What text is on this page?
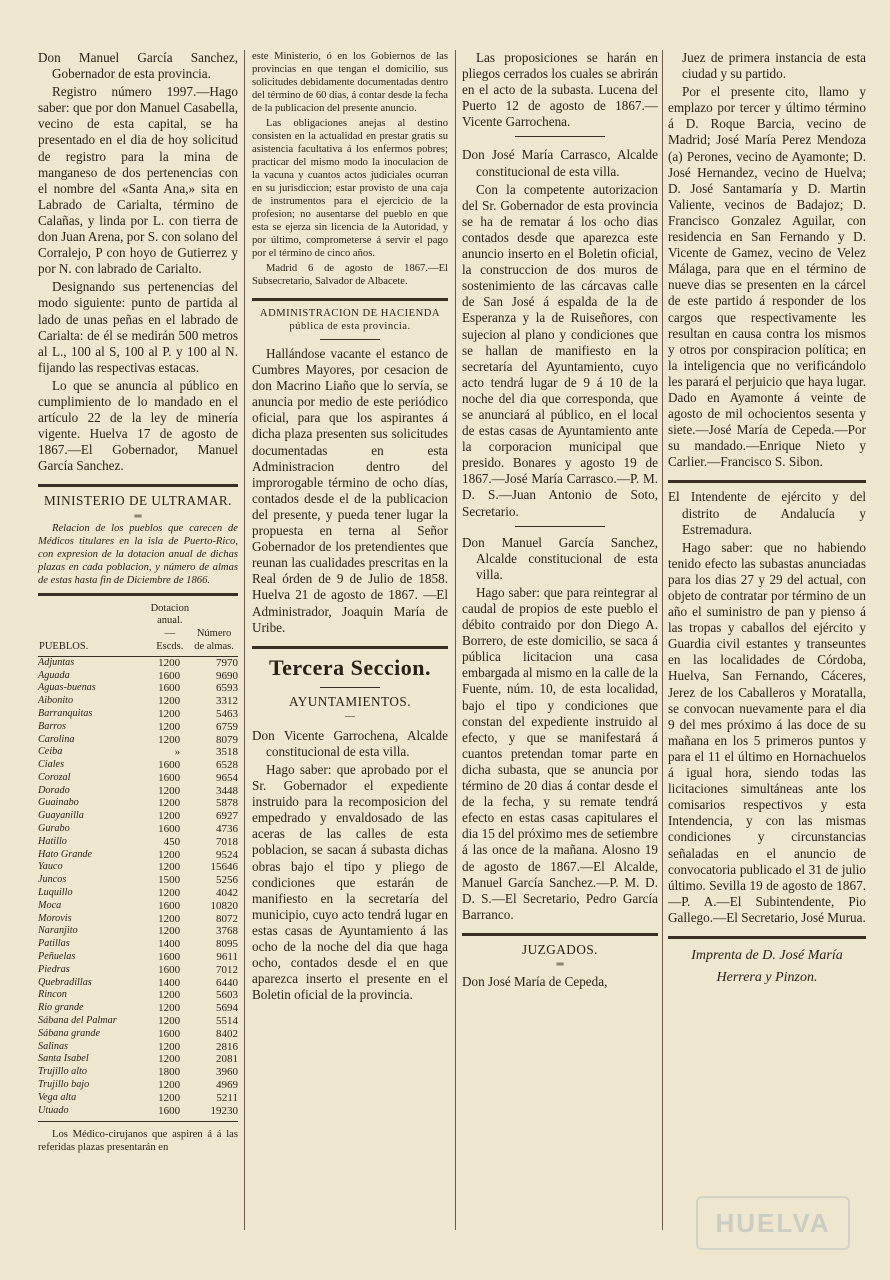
Don Manuel García Sanchez, Gobernador de esta provincia.

Registro número 1997.—Hago saber: que por don Manuel Casabella, vecino de esta capital, se ha presentado en el dia de hoy solicitud de registro para la mina de manganeso de dos pertenencias con el nombre del «Santa Ana,» sita en Labrado de Carialta, término de Calañas, y linda por L. con tierra de don Juan Arena, por S. con solano del Corralejo, P con hoyo de Gutierrez y por N. con labrado de Carialto.

Designando sus pertenencias del modo siguiente: punto de partida al lado de unas peñas en el labrado de Carialta: de él se medirán 500 metros al L., 100 al S, 100 al P. y 100 al N. fijando las respectivas estacas.

Lo que se anuncia al público en cumplimiento de lo mandado en el artículo 22 de la ley de minería vigente. Huelva 17 de agosto de 1867.—El Gobernador, Manuel García Sanchez.

MINISTERIO DE ULTRAMAR.

═

Relacion de los pueblos que carecen de Médicos titulares en la isla de Puerto-Rico, con expresion de la dotacion anual de dichas plazas en cada poblacion, y número de almas de estas hasta fin de Diciembre de 1866.

PUEBLOS.	Dotacion anual.
—
Escds.	Número de almas.
Adjuntas	1200	7970
Aguada	1600	9690
Aguas-buenas	1600	6593
Aibonito	1200	3312
Barranquitas	1200	5463
Barros	1200	6759
Carolina	1200	8079
Ceiba	»	3518
Ciales	1600	6528
Corozal	1600	9654
Dorado	1200	3448
Guainabo	1200	5878
Guayanilla	1200	6927
Gurabo	1600	4736
Hatillo	450	7018
Hato Grande	1200	9524
Yauco	1200	15646
Juncos	1500	5256
Luquillo	1200	4042
Moca	1600	10820
Morovis	1200	8072
Naranjito	1200	3768
Patillas	1400	8095
Peñuelas	1600	9611
Piedras	1600	7012
Quebradillas	1400	6440
Rincon	1200	5603
Rio grande	1200	5694
Sábana del Palmar	1200	5514
Sábana grande	1600	8402
Salinas	1200	2816
Santa Isabel	1200	2081
Trujillo alto	1800	3960
Trujillo bajo	1200	4969
Vega alta	1200	5211
Utuado	1600	19230

Los Médico-cirujanos que aspiren á á las referidas plazas presentarán en

este Ministerio, ó en los Gobiernos de las provincias en que tengan el domicilio, sus solicitudes debidamente documentadas dentro del término de 60 días, á contar desde la fecha de la publicacion del presente anuncio.

Las obligaciones anejas al destino consisten en la actualidad en prestar gratis su asistencia facultativa á los enfermos pobres; practicar del mismo modo la inoculacion de la vacuna y cuantos actos judiciales ocurran en su jurisdiccion; estar provisto de una caja de instrumentos para el ejercicio de la profesion; no ausentarse del pueblo en que esta se ejerza sin licencia de la Autoridad, y por último, comprometerse á servir el pago por el término de cinco años.

Madrid 6 de agosto de 1867.—El Subsecretario, Salvador de Albacete.

ADMINISTRACION DE HACIENDA pública de esta provincia.

Hallándose vacante el estanco de Cumbres Mayores, por cesacion de don Macrino Liaño que lo servía, se anuncia por medio de este periódico oficial, para que los aspirantes á dicha plaza presenten sus solicitudes documentadas en esta Administracion dentro del improrogable término de ocho días, contados desde el de la publicacion del presente, y pueda tener lugar la propuesta en terna al Señor Gobernador de los pretendientes que reunan las cualidades prescritas en la Real órden de 9 de Julio de 1858. Huelva 21 de agosto de 1867. —El Administrador, Joaquin María de Uribe.

Tercera Seccion.

AYUNTAMIENTOS.

—

Don Vicente Garrochena, Alcalde constitucional de esta villa.

Hago saber: que aprobado por el Sr. Gobernador el expediente instruido para la recomposicion del empedrado y envaldosado de las aceras de las calles de esta poblacion, se sacan á subasta dichas obras bajo el tipo y pliego de condiciones que estarán de manifiesto en la secretaría del municipio, cuyo acto tendrá lugar en estas casas de Ayuntamiento á las ocho de la noche del dia que haga ocho, contados desde el en que aparezca inserto el presente en el Boletin oficial de la provincia.

Las proposiciones se harán en pliegos cerrados los cuales se abrirán en el acto de la subasta. Lucena del Puerto 12 de agosto de 1867.—Vicente Garrochena.

Don José María Carrasco, Alcalde constitucional de esta villa.

Con la competente autorizacion del Sr. Gobernador de esta provincia se ha de rematar á los ocho dias contados desde que aparezca este anuncio inserto en el Boletin oficial, la construccion de dos muros de sostenimiento de las cárcavas calle de San José á espalda de la de Esperanza y la de Ruiseñores, con sujecion al plano y condiciones que se hallan de manifiesto en la secretaría del Ayuntamiento, cuyo acto tendrá lugar de 9 á 10 de la noche del dia que corresponda, que se anunciará al público, en el local de estas casas de Ayuntamiento ante la corporacion municipal que presido. Bonares y agosto 19 de 1867.—José María Carrasco.—P. M. D. S.—Juan Antonio de Soto, Secretario.

Don Manuel García Sanchez, Alcalde constitucional de esta villa.

Hago saber: que para reintegrar al caudal de propios de este pueblo el débito contraido por don Diego A. Borrero, de este domicilio, se saca á pública licitacion una casa embargada al mismo en la calle de la Fuente, núm. 10, de esta localidad, bajo el tipo y condiciones que constan del expediente instruido al efecto, y que se manifestará á cuantos pretendan tomar parte en dicha subasta, que se anuncia por término de 20 dias á contar desde el de la fecha, y su remate tendrá efecto en estas casas capitulares el dia 15 del próximo mes de setiembre á las once de la mañana. Alosno 19 de agosto de 1867.—El Alcalde, Manuel García Sanchez.—P. M. D. D. S.—El Secretario, Pedro García Barranco.

JUZGADOS.

═

Don José María de Cepeda,

Juez de primera instancia de esta ciudad y su partido.

Por el presente cito, llamo y emplazo por tercer y último término á D. Roque Barcia, vecino de Madrid; José María Perez Mendoza (a) Perones, vecino de Ayamonte; D. José Hernandez, vecino de Huelva; D. José Santamaría y D. Martin Valiente, vecinos de Badajoz; D. Francisco Gonzalez Aguilar, con residencia en San Fernando y D. Vicente de Gamez, vecino de Velez Málaga, para que en el término de nueve dias se presenten en la cárcel de este partido á responder de los cargos que respectivamente les resultan en causa contra los mismos y otros por conspiracion política; en la inteligencia que no verificándolo les parará el perjuicio que haya lugar. Dado en Ayamonte á veinte de agosto de mil ochocientos sesenta y siete.—José María de Cepeda.—Por su mandado.—Enrique Nieto y Carlier.—Francisco S. Sibon.

El Intendente de ejército y del distrito de Andalucía y Estremadura.

Hago saber: que no habiendo tenido efecto las subastas anunciadas para los dias 27 y 29 del actual, con objeto de contratar por término de un año el suministro de pan y pienso á las tropas y caballos del ejército y Guardia civil estantes y transeuntes en las localidades de Córdoba, Huelva, San Fernando, Cáceres, Jerez de los Caballeros y Moratalla, se convocan nuevamente para el dia 9 del mes próximo á las doce de su mañana en los 5 primeros puntos y para el 11 el último en Hornachuelos á igual hora, siendo todas las licitaciones simultáneas ante los comisarios respectivos y esta Intendencia, y con las mismas condiciones y circunstancias señaladas en el anuncio de convocatoria publicado el 31 de julio último. Sevilla 19 de agosto de 1867.—P. A.—El Subintendente, Pio Gallego.—El Secretario, José Murua.

Imprenta de D. José María Herrera y Pinzon.

HUELVA
